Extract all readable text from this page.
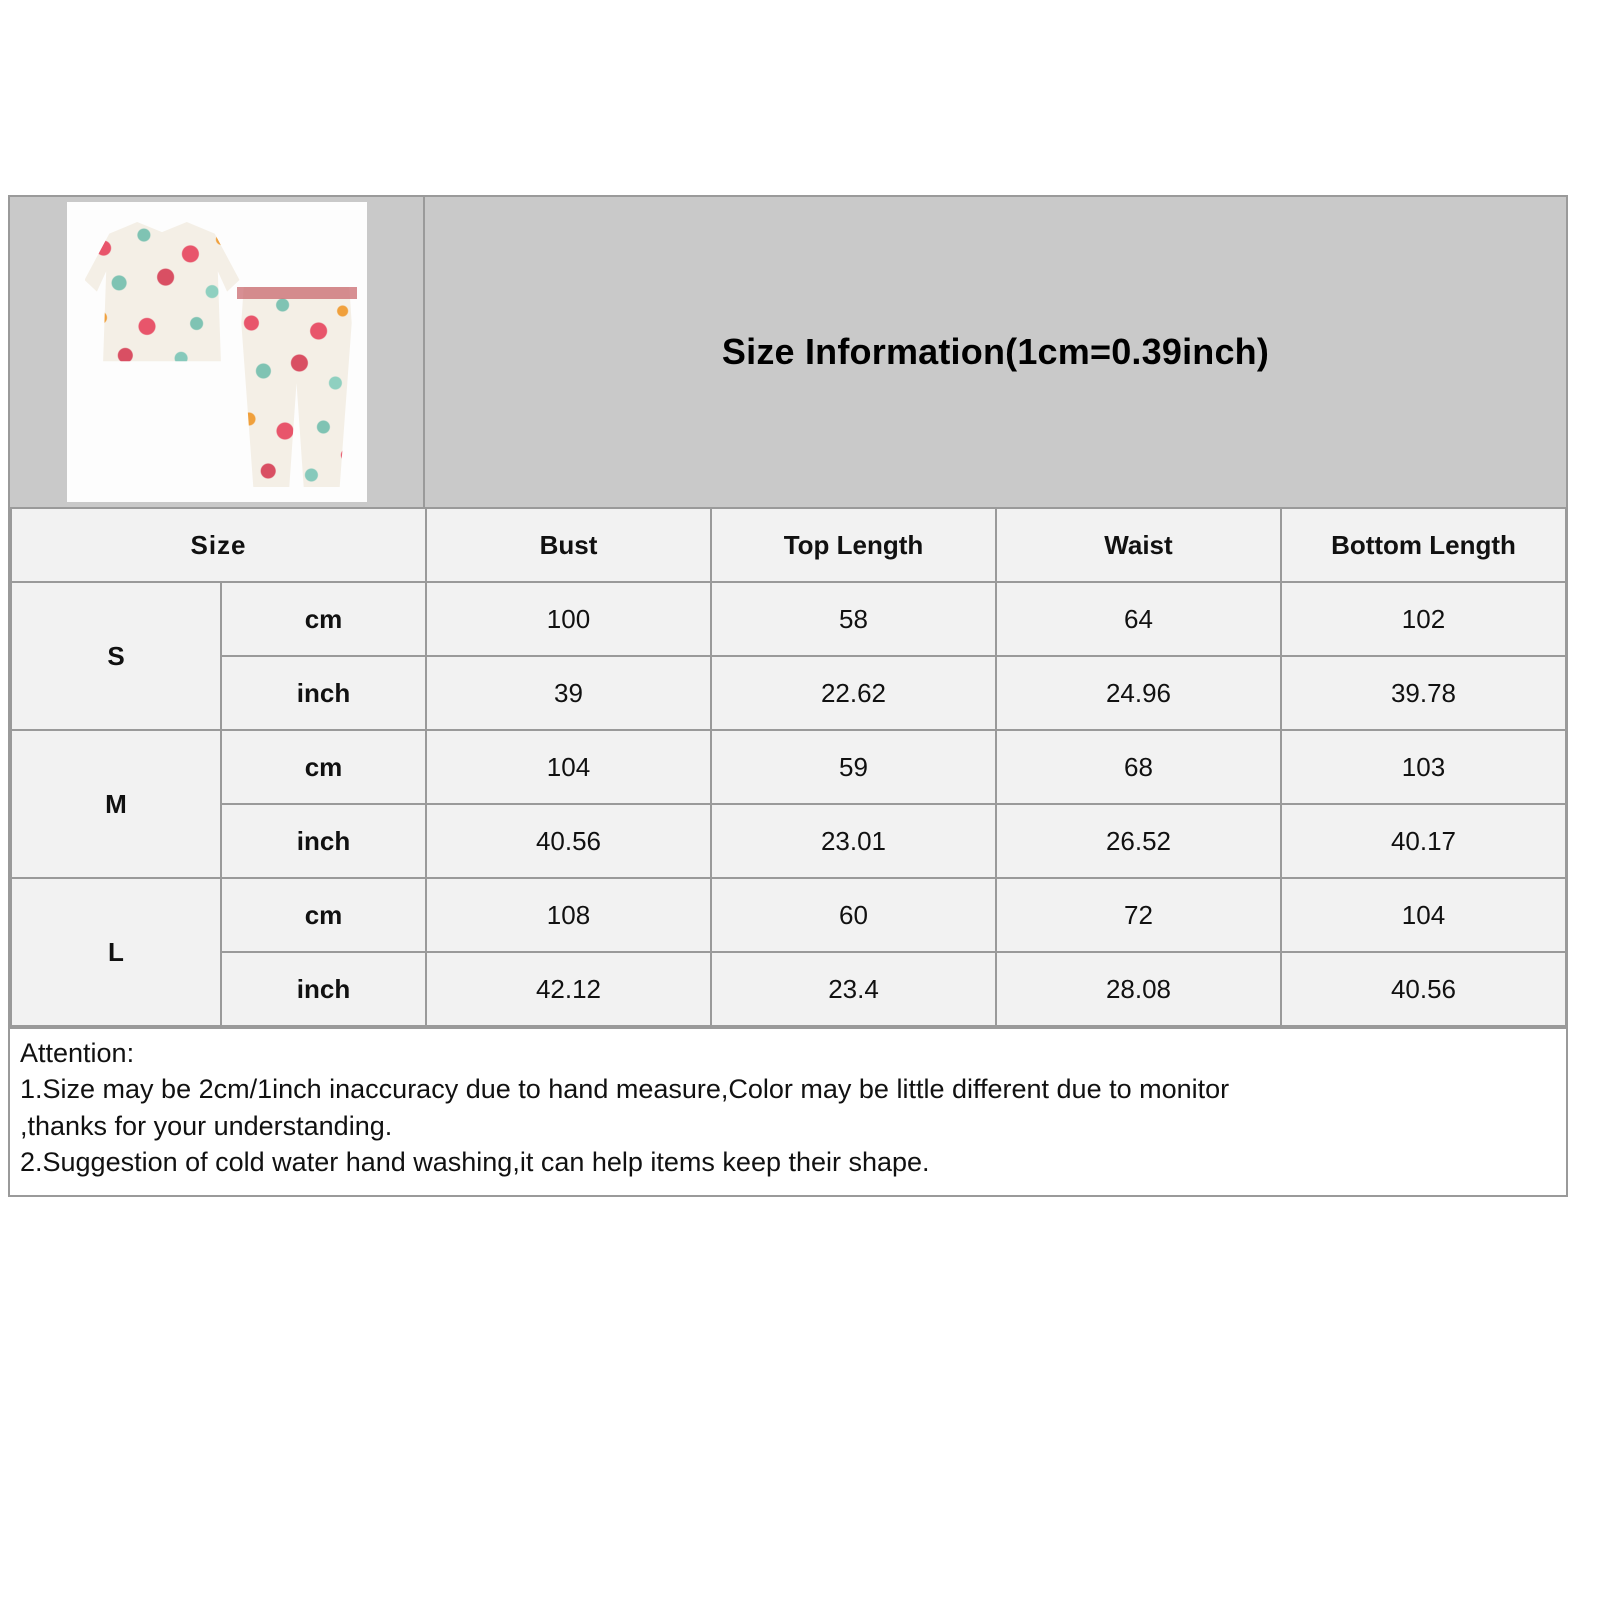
Size Information(1cm=0.39inch)
Size		Bust	Top Length	Waist	Bottom Length
S	cm	100	58	64	102
	inch	39	22.62	24.96	39.78
M	cm	104	59	68	103
	inch	40.56	23.01	26.52	40.17
L	cm	108	60	72	104
	inch	42.12	23.4	28.08	40.56
Attention:
1.Size may be 2cm/1inch inaccuracy due to hand measure,Color may be little different due to monitor
,thanks for your understanding.
2.Suggestion of cold water hand washing,it can help items keep their shape.
